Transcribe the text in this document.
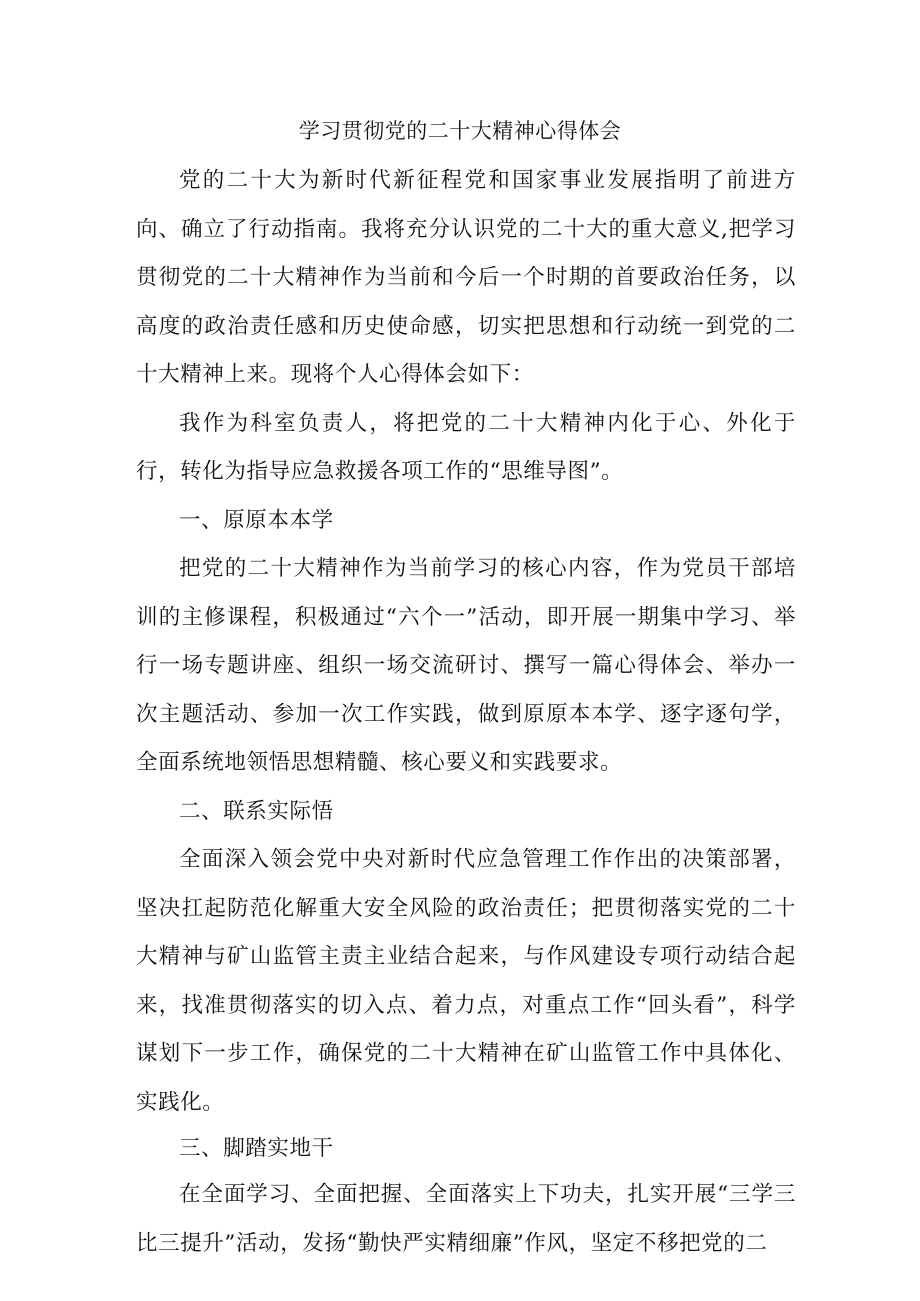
学习贯彻党的二十大精神心得体会

党的二十大为新时代新征程党和国家事业发展指明了前进方向、确立了行动指南。我将充分认识党的二十大的重大意义,把学习贯彻党的二十大精神作为当前和今后一个时期的首要政治任务，以高度的政治责任感和历史使命感，切实把思想和行动统一到党的二十大精神上来。现将个人心得体会如下：

我作为科室负责人，将把党的二十大精神内化于心、外化于行，转化为指导应急救援各项工作的“思维导图”。

一、原原本本学

把党的二十大精神作为当前学习的核心内容，作为党员干部培训的主修课程，积极通过“六个一”活动，即开展一期集中学习、举行一场专题讲座、组织一场交流研讨、撰写一篇心得体会、举办一次主题活动、参加一次工作实践，做到原原本本学、逐字逐句学，全面系统地领悟思想精髓、核心要义和实践要求。

二、联系实际悟

全面深入领会党中央对新时代应急管理工作作出的决策部署，坚决扛起防范化解重大安全风险的政治责任；把贯彻落实党的二十大精神与矿山监管主责主业结合起来，与作风建设专项行动结合起来，找准贯彻落实的切入点、着力点，对重点工作“回头看”，科学谋划下一步工作，确保党的二十大精神在矿山监管工作中具体化、实践化。

三、脚踏实地干

在全面学习、全面把握、全面落实上下功夫，扎实开展“三学三比三提升”活动，发扬“勤快严实精细廉”作风，坚定不移把党的二
